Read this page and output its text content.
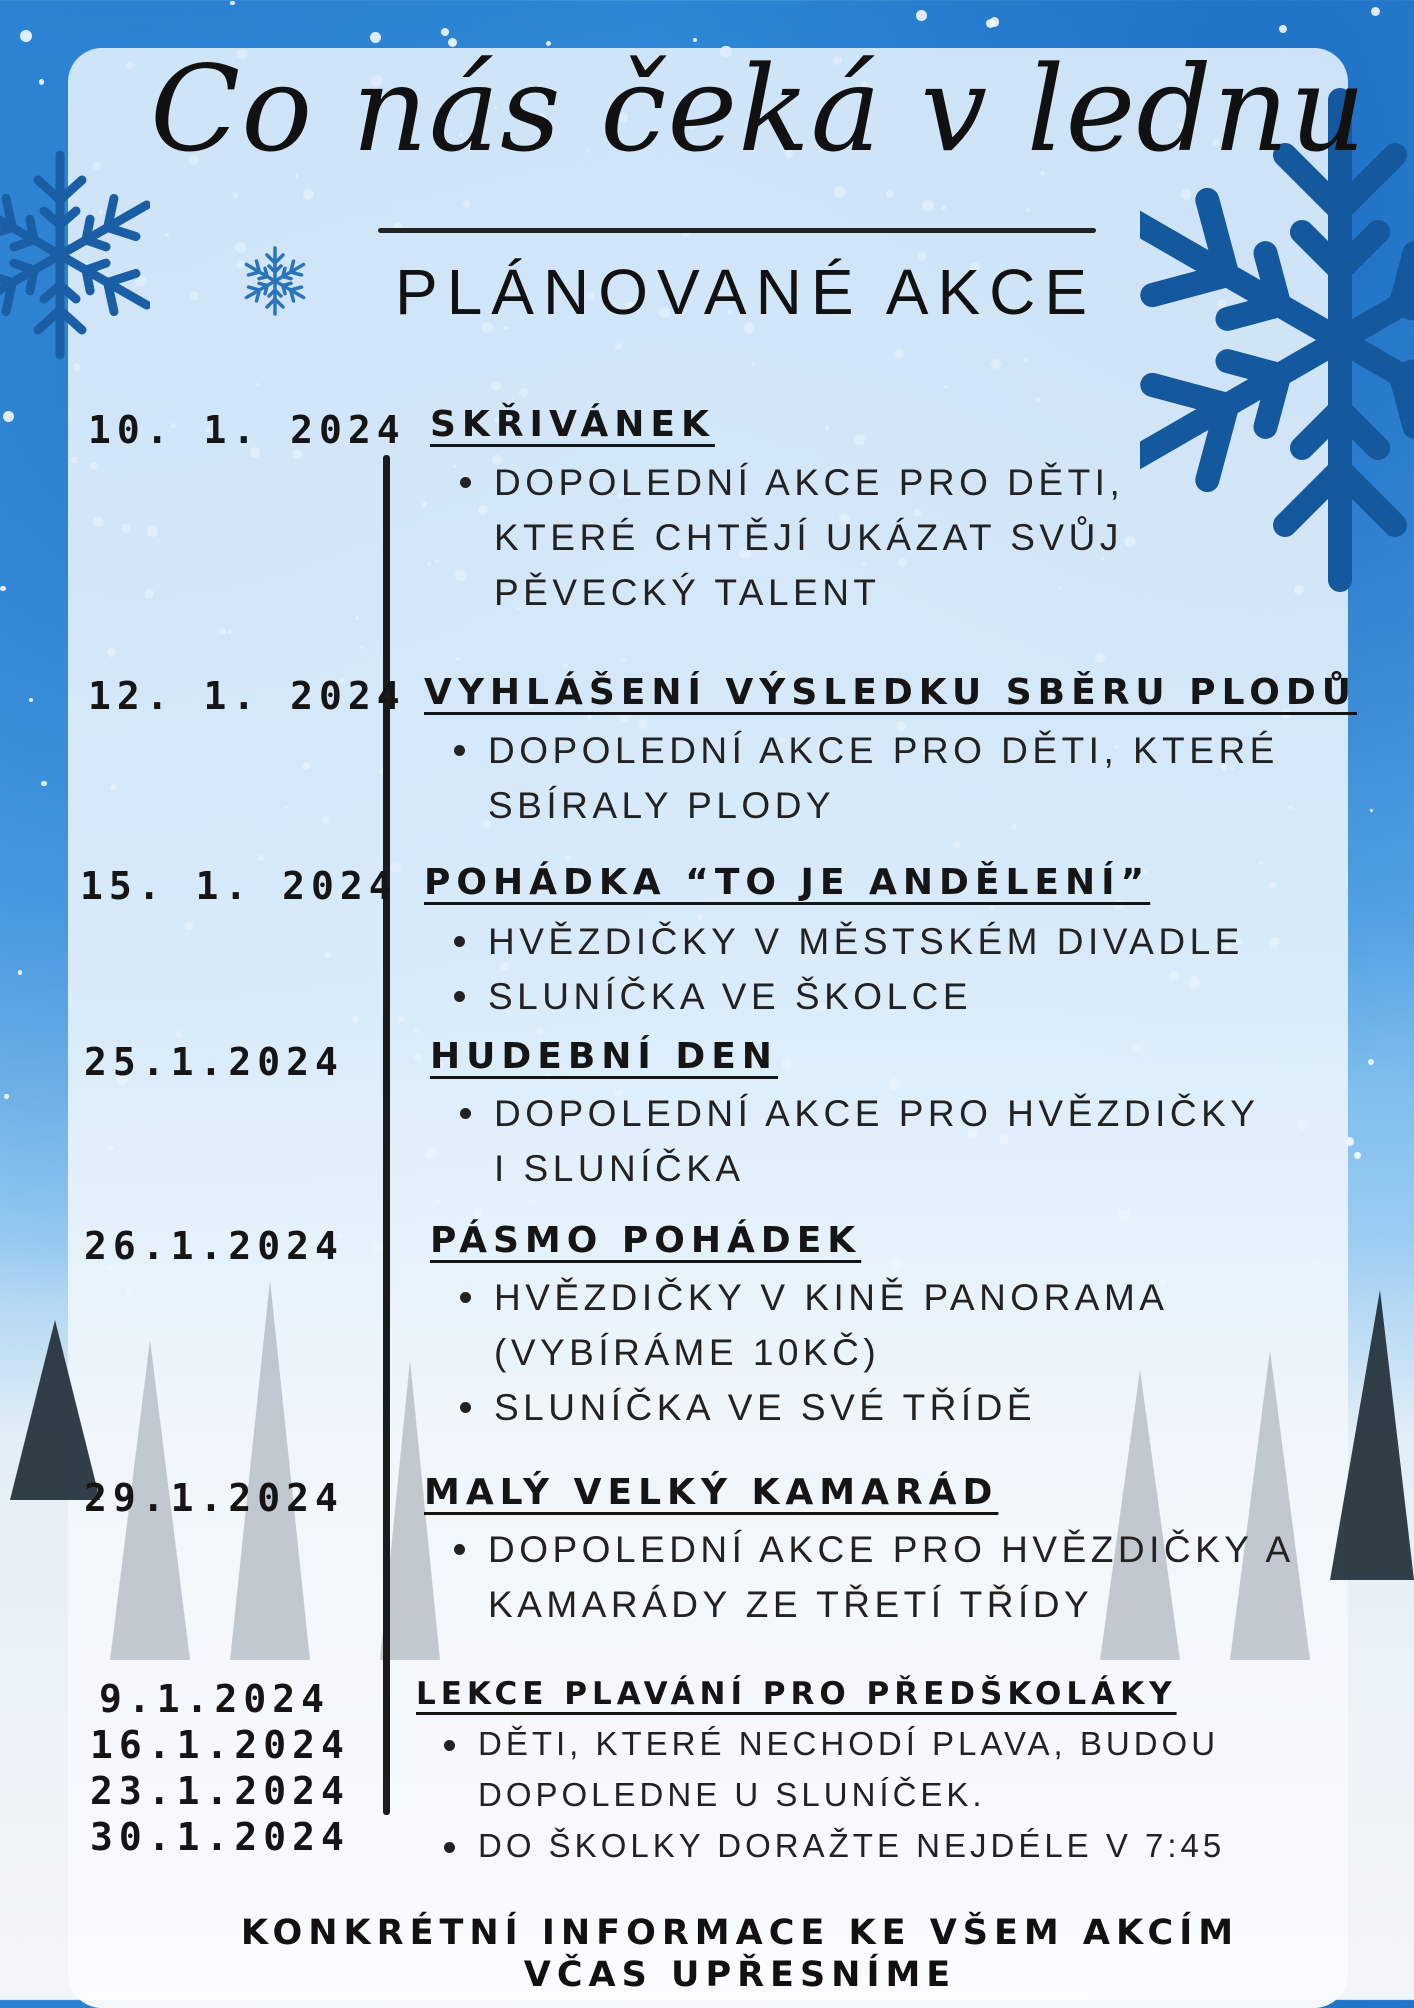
Co nás čeká v lednu
PLÁNOVANÉ AKCE
10. 1. 2024 SKŘIVÁNEK
DOPOLEDNÍ AKCE PRO DĚTI, KTERÉ CHTĚJÍ UKÁZAT SVŮJ PĚVECKÝ TALENT
12. 1. 2024 VYHLÁŠENÍ VÝSLEDKU SBĚRU PLODŮ
DOPOLEDNÍ AKCE PRO DĚTI, KTERÉ SBÍRALY PLODY
15. 1. 2024 POHÁDKA “TO JE ANDĚLENÍ”
HVĚZDIČKY V MĚSTSKÉM DIVADLE
SLUNÍČKA VE ŠKOLCE
25.1.2024 HUDEBNÍ DEN
DOPOLEDNÍ AKCE PRO HVĚZDIČKY I SLUNÍČKA
26.1.2024 PÁSMO POHÁDEK
HVĚZDIČKY V KINĚ PANORAMA (VYBÍRÁME 10KČ)
SLUNÍČKA VE SVÉ TŘÍDĚ
29.1.2024 MALÝ VELKÝ KAMARÁD
DOPOLEDNÍ AKCE PRO HVĚZDIČKY A KAMARÁDY ZE TŘETÍ TŘÍDY
9.1.2024
16.1.2024
23.1.2024
30.1.2024
LEKCE PLAVÁNÍ PRO PŘEDŠKOLÁKY
DĚTI, KTERÉ NECHODÍ PLAVA, BUDOU DOPOLEDNE U SLUNÍČEK.
DO ŠKOLKY DORAŽTE NEJDÉLE V 7:45
KONKRÉTNÍ INFORMACE KE VŠEM AKCÍM
VČAS UPŘESNÍME
